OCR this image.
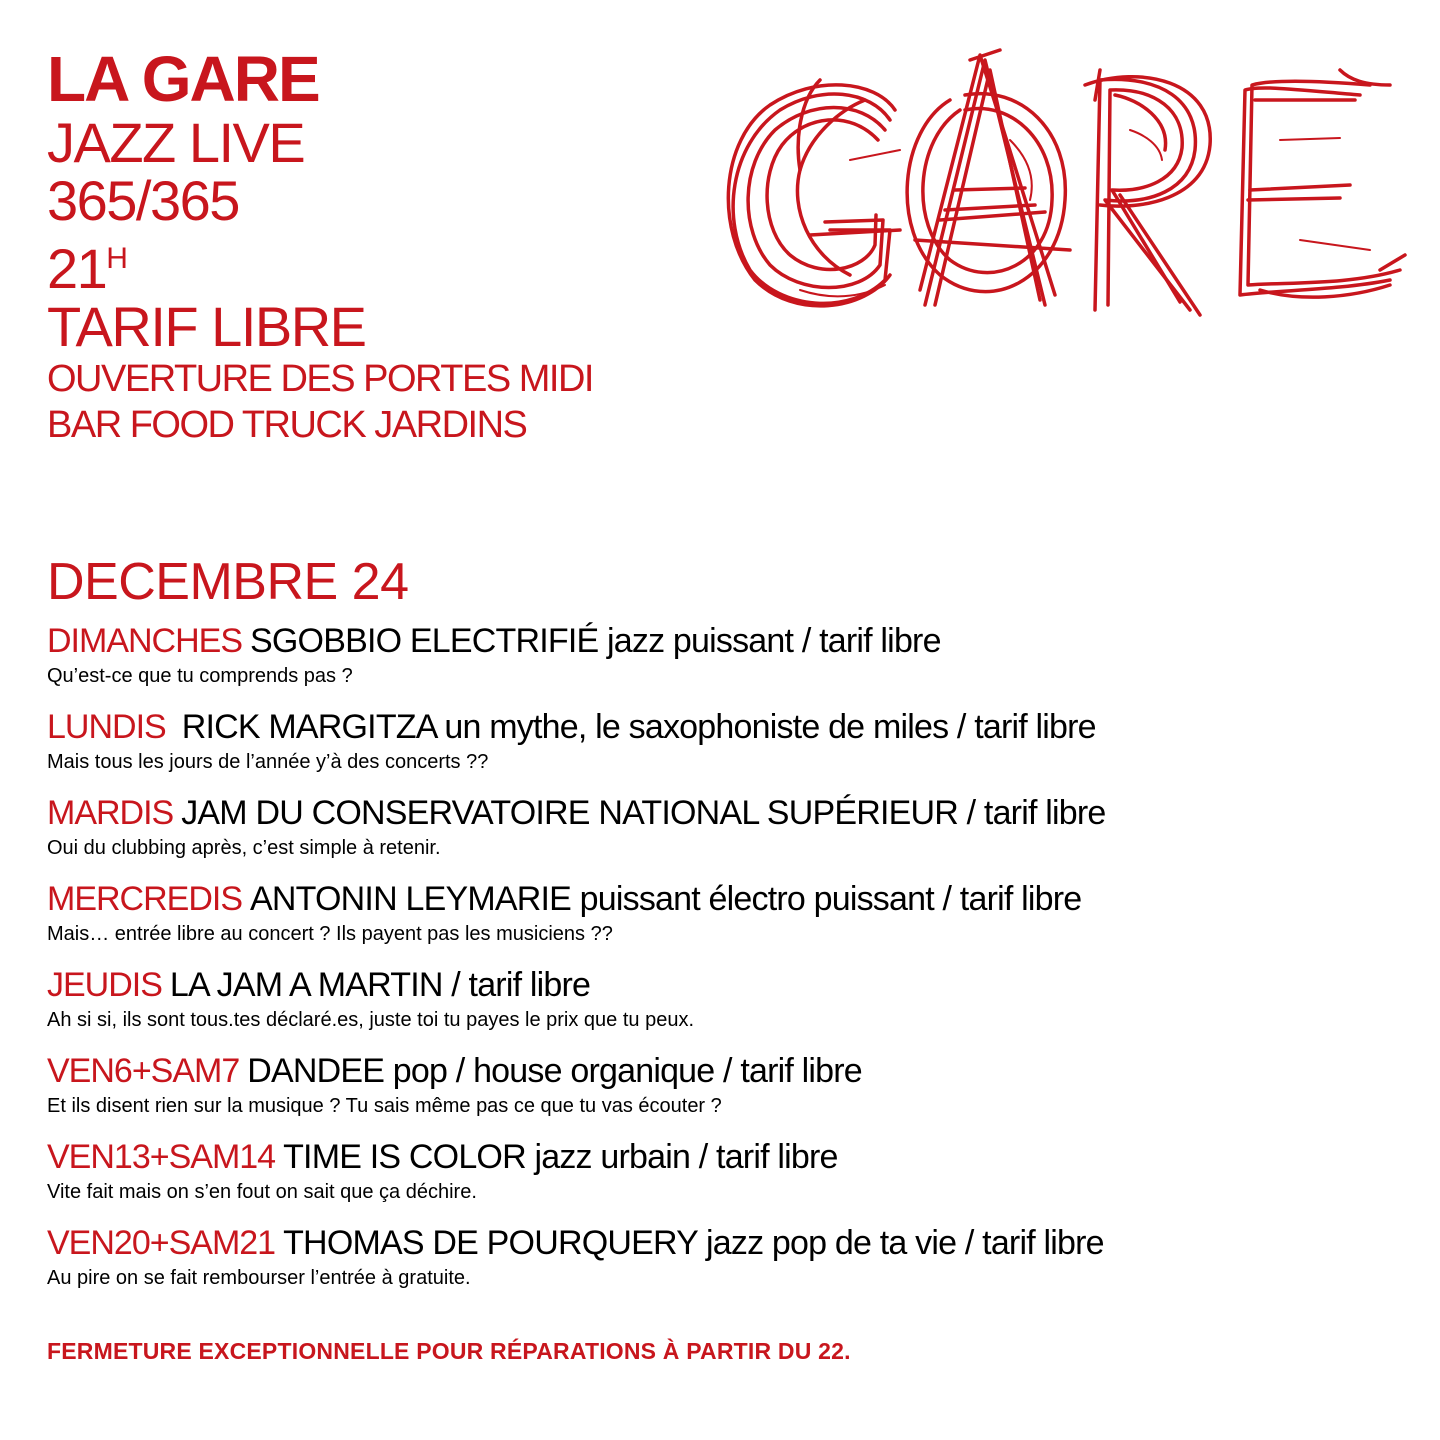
LA GARE
JAZZ LIVE
365/365
$21^H$
TARIF LIBRE
OUVERTURE DES PORTES MIDI
BAR FOOD TRUCK JARDINS
DECEMBRE 24
DIMANCHES SGOBBIO ELECTRIFIÉ jazz puissant / tarif libre
Qu’est-ce que tu comprends pas ?
LUNDIS RICK MARGITZA un mythe, le saxophoniste de miles / tarif libre
Mais tous les jours de l’année y’à des concerts ??
MARDIS JAM DU CONSERVATOIRE NATIONAL SUPÉRIEUR / tarif libre
Oui du clubbing après, c’est simple à retenir.
MERCREDIS ANTONIN LEYMARIE puissant électro puissant / tarif libre
Mais… entrée libre au concert ? Ils payent pas les musiciens ??
JEUDIS LA JAM A MARTIN / tarif libre
Ah si si, ils sont tous.tes déclaré.es, juste toi tu payes le prix que tu peux.
VEN6+SAM7 DANDEE pop / house organique / tarif libre
Et ils disent rien sur la musique ? Tu sais même pas ce que tu vas écouter ?
VEN13+SAM14 TIME IS COLOR jazz urbain / tarif libre
Vite fait mais on s’en fout on sait que ça déchire.
VEN20+SAM21 THOMAS DE POURQUERY jazz pop de ta vie / tarif libre
Au pire on se fait rembourser l’entrée à gratuite.
FERMETURE EXCEPTIONNELLE POUR RÉPARATIONS À PARTIR DU 22.
